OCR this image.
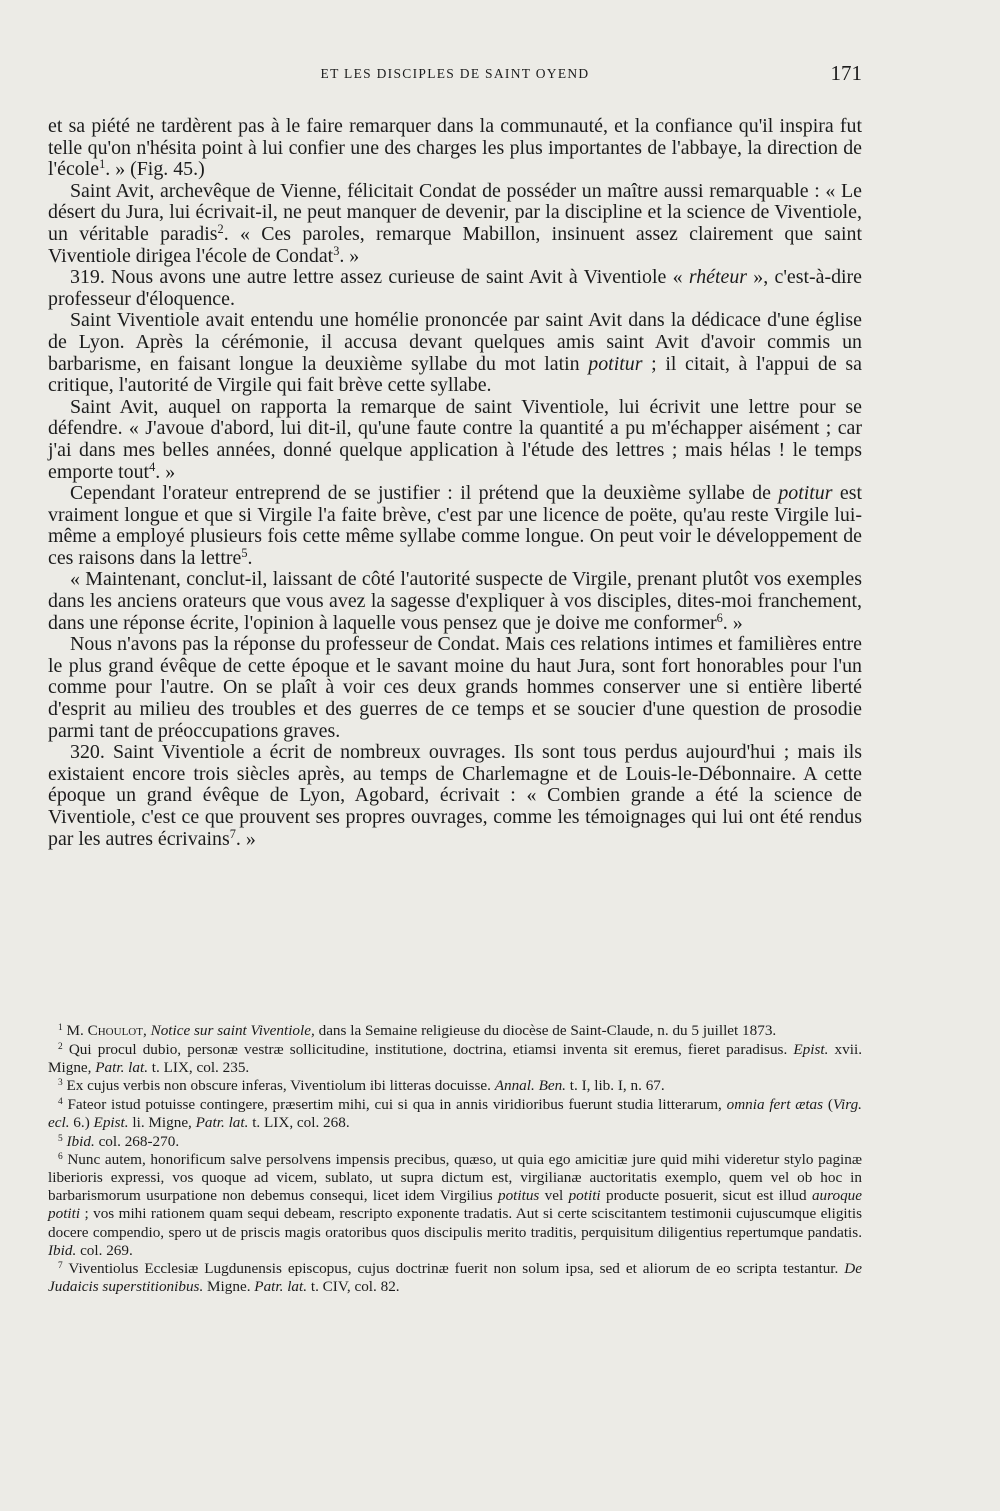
ET LES DISCIPLES DE SAINT OYEND	171

et sa piété ne tardèrent pas à le faire remarquer dans la communauté, et la confiance qu'il inspira fut telle qu'on n'hésita point à lui confier une des charges les plus importantes de l'abbaye, la direction de l'école$^1$. » (Fig. 45.)

Saint Avit, archevêque de Vienne, félicitait Condat de posséder un maître aussi remarquable : « Le désert du Jura, lui écrivait-il, ne peut manquer de devenir, par la discipline et la science de Viventiole, un véritable paradis$^2$. « Ces paroles, remarque Mabillon, insinuent assez clairement que saint Viventiole dirigea l'école de Condat$^3$. »

319. Nous avons une autre lettre assez curieuse de saint Avit à Viventiole « rhéteur », c'est-à-dire professeur d'éloquence.

Saint Viventiole avait entendu une homélie prononcée par saint Avit dans la dédicace d'une église de Lyon. Après la cérémonie, il accusa devant quelques amis saint Avit d'avoir commis un barbarisme, en faisant longue la deuxième syllabe du mot latin potitur ; il citait, à l'appui de sa critique, l'autorité de Virgile qui fait brève cette syllabe.

Saint Avit, auquel on rapporta la remarque de saint Viventiole, lui écrivit une lettre pour se défendre. « J'avoue d'abord, lui dit-il, qu'une faute contre la quantité a pu m'échapper aisément ; car j'ai dans mes belles années, donné quelque application à l'étude des lettres ; mais hélas ! le temps emporte tout$^4$. »

Cependant l'orateur entreprend de se justifier : il prétend que la deuxième syllabe de potitur est vraiment longue et que si Virgile l'a faite brève, c'est par une licence de poëte, qu'au reste Virgile lui-même a employé plusieurs fois cette même syllabe comme longue. On peut voir le développement de ces raisons dans la lettre$^5$.

« Maintenant, conclut-il, laissant de côté l'autorité suspecte de Virgile, prenant plutôt vos exemples dans les anciens orateurs que vous avez la sagesse d'expliquer à vos disciples, dites-moi franchement, dans une réponse écrite, l'opinion à laquelle vous pensez que je doive me conformer$^6$. »

Nous n'avons pas la réponse du professeur de Condat. Mais ces relations intimes et familières entre le plus grand évêque de cette époque et le savant moine du haut Jura, sont fort honorables pour l'un comme pour l'autre. On se plaît à voir ces deux grands hommes conserver une si entière liberté d'esprit au milieu des troubles et des guerres de ce temps et se soucier d'une question de prosodie parmi tant de préoccupations graves.

320. Saint Viventiole a écrit de nombreux ouvrages. Ils sont tous perdus aujourd'hui ; mais ils existaient encore trois siècles après, au temps de Charlemagne et de Louis-le-Débonnaire. A cette époque un grand évêque de Lyon, Agobard, écrivait : « Combien grande a été la science de Viventiole, c'est ce que prouvent ses propres ouvrages, comme les témoignages qui lui ont été rendus par les autres écrivains$^7$. »

$^1$ M. Choulot, Notice sur saint Viventiole, dans la Semaine religieuse du diocèse de Saint-Claude, n. du 5 juillet 1873.

$^2$ Qui procul dubio, personæ vestræ sollicitudine, institutione, doctrina, etiamsi inventa sit eremus, fieret paradisus. Epist. xvii. Migne, Patr. lat. t. LIX, col. 235.

$^3$ Ex cujus verbis non obscure inferas, Viventiolum ibi litteras docuisse. Annal. Ben. t. I, lib. I, n. 67.

$^4$ Fateor istud potuisse contingere, præsertim mihi, cui si qua in annis viridioribus fuerunt studia litterarum, omnia fert ætas (Virg. ecl. 6.) Epist. li. Migne, Patr. lat. t. LIX, col. 268.

$^5$ Ibid. col. 268-270.

$^6$ Nunc autem, honorificum salve persolvens impensis precibus, quæso, ut quia ego amicitiæ jure quid mihi videretur stylo paginæ liberioris expressi, vos quoque ad vicem, sublato, ut supra dictum est, virgilianæ auctoritatis exemplo, quem vel ob hoc in barbarismorum usurpatione non debemus consequi, licet idem Virgilius potitus vel potiti producte posuerit, sicut est illud auroque potiti ; vos mihi rationem quam sequi debeam, rescripto exponente tradatis. Aut si certe sciscitantem testimonii cujuscumque eligitis docere compendio, spero ut de priscis magis oratoribus quos discipulis merito traditis, perquisitum diligentius repertumque pandatis. Ibid. col. 269.

$^7$ Viventiolus Ecclesiæ Lugdunensis episcopus, cujus doctrinæ fuerit non solum ipsa, sed et aliorum de eo scripta testantur. De Judaicis superstitionibus. Migne. Patr. lat. t. CIV, col. 82.
